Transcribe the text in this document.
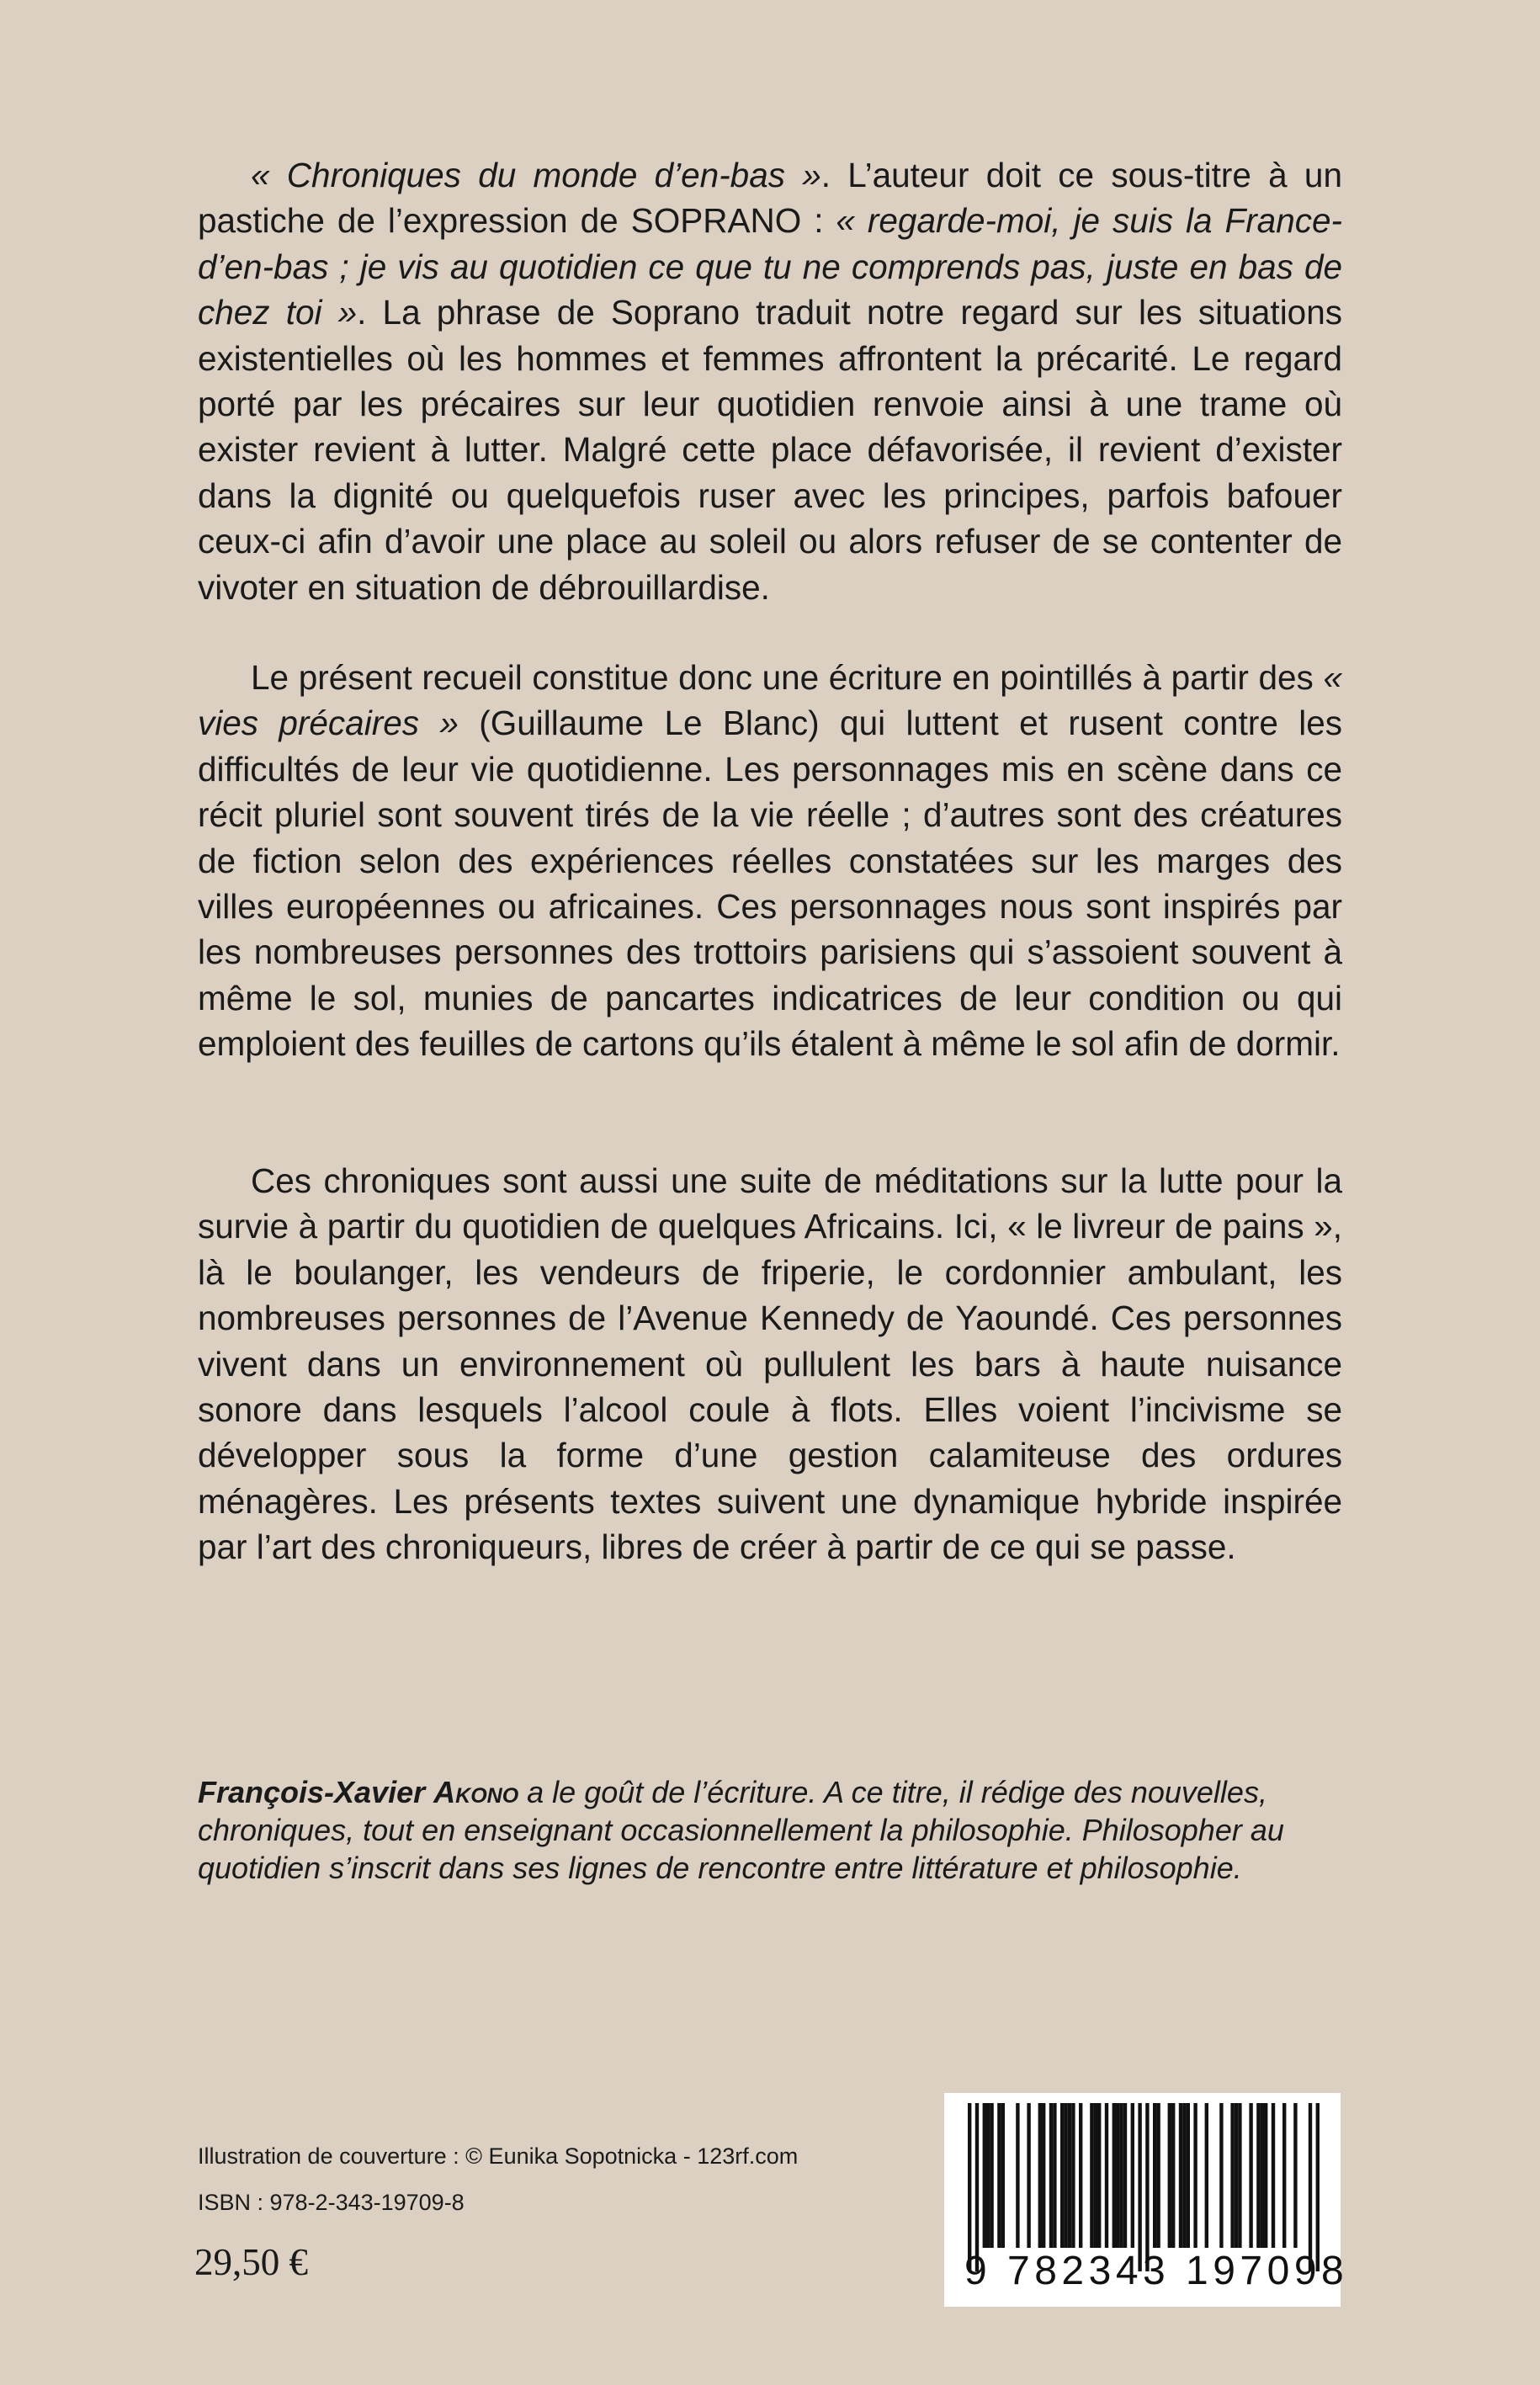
« Chroniques du monde d’en-bas ». L’auteur doit ce sous-titre à un pastiche de l’expression de SOPRANO : « regarde-moi, je suis la France-d’en-bas ; je vis au quotidien ce que tu ne comprends pas, juste en bas de chez toi ». La phrase de Soprano traduit notre regard sur les situations existentielles où les hommes et femmes affrontent la précarité. Le regard porté par les précaires sur leur quotidien renvoie ainsi à une trame où exister revient à lutter. Malgré cette place défavorisée, il revient d’exister dans la dignité ou quelquefois ruser avec les principes, parfois bafouer ceux-ci afin d’avoir une place au soleil ou alors refuser de se contenter de vivoter en situation de débrouillardise.

Le présent recueil constitue donc une écriture en pointillés à partir des « vies précaires » (Guillaume Le Blanc) qui luttent et rusent contre les difficultés de leur vie quotidienne. Les personnages mis en scène dans ce récit pluriel sont souvent tirés de la vie réelle ; d’autres sont des créatures de fiction selon des expériences réelles constatées sur les marges des villes européennes ou africaines. Ces personnages nous sont inspirés par les nombreuses personnes des trottoirs parisiens qui s’assoient souvent à même le sol, munies de pancartes indicatrices de leur condition ou qui emploient des feuilles de cartons qu’ils étalent à même le sol afin de dormir.

Ces chroniques sont aussi une suite de méditations sur la lutte pour la survie à partir du quotidien de quelques Africains. Ici, « le livreur de pains », là le boulanger, les vendeurs de friperie, le cordonnier ambulant, les nombreuses personnes de l’Avenue Kennedy de Yaoundé. Ces personnes vivent dans un environnement où pullulent les bars à haute nuisance sonore dans lesquels l’alcool coule à flots. Elles voient l’incivisme se développer sous la forme d’une gestion calamiteuse des ordures ménagères. Les présents textes suivent une dynamique hybride inspirée par l’art des chroniqueurs, libres de créer à partir de ce qui se passe.

François-Xavier Akono a le goût de l’écriture. A ce titre, il rédige des nouvelles, chroniques, tout en enseignant occasionnellement la philosophie. Philosopher au quotidien s’inscrit dans ses lignes de rencontre entre littérature et philosophie.

Illustration de couverture : © Eunika Sopotnicka - 123rf.com

ISBN : 978-2-343-19709-8

29,50 €	9 782343 197098
